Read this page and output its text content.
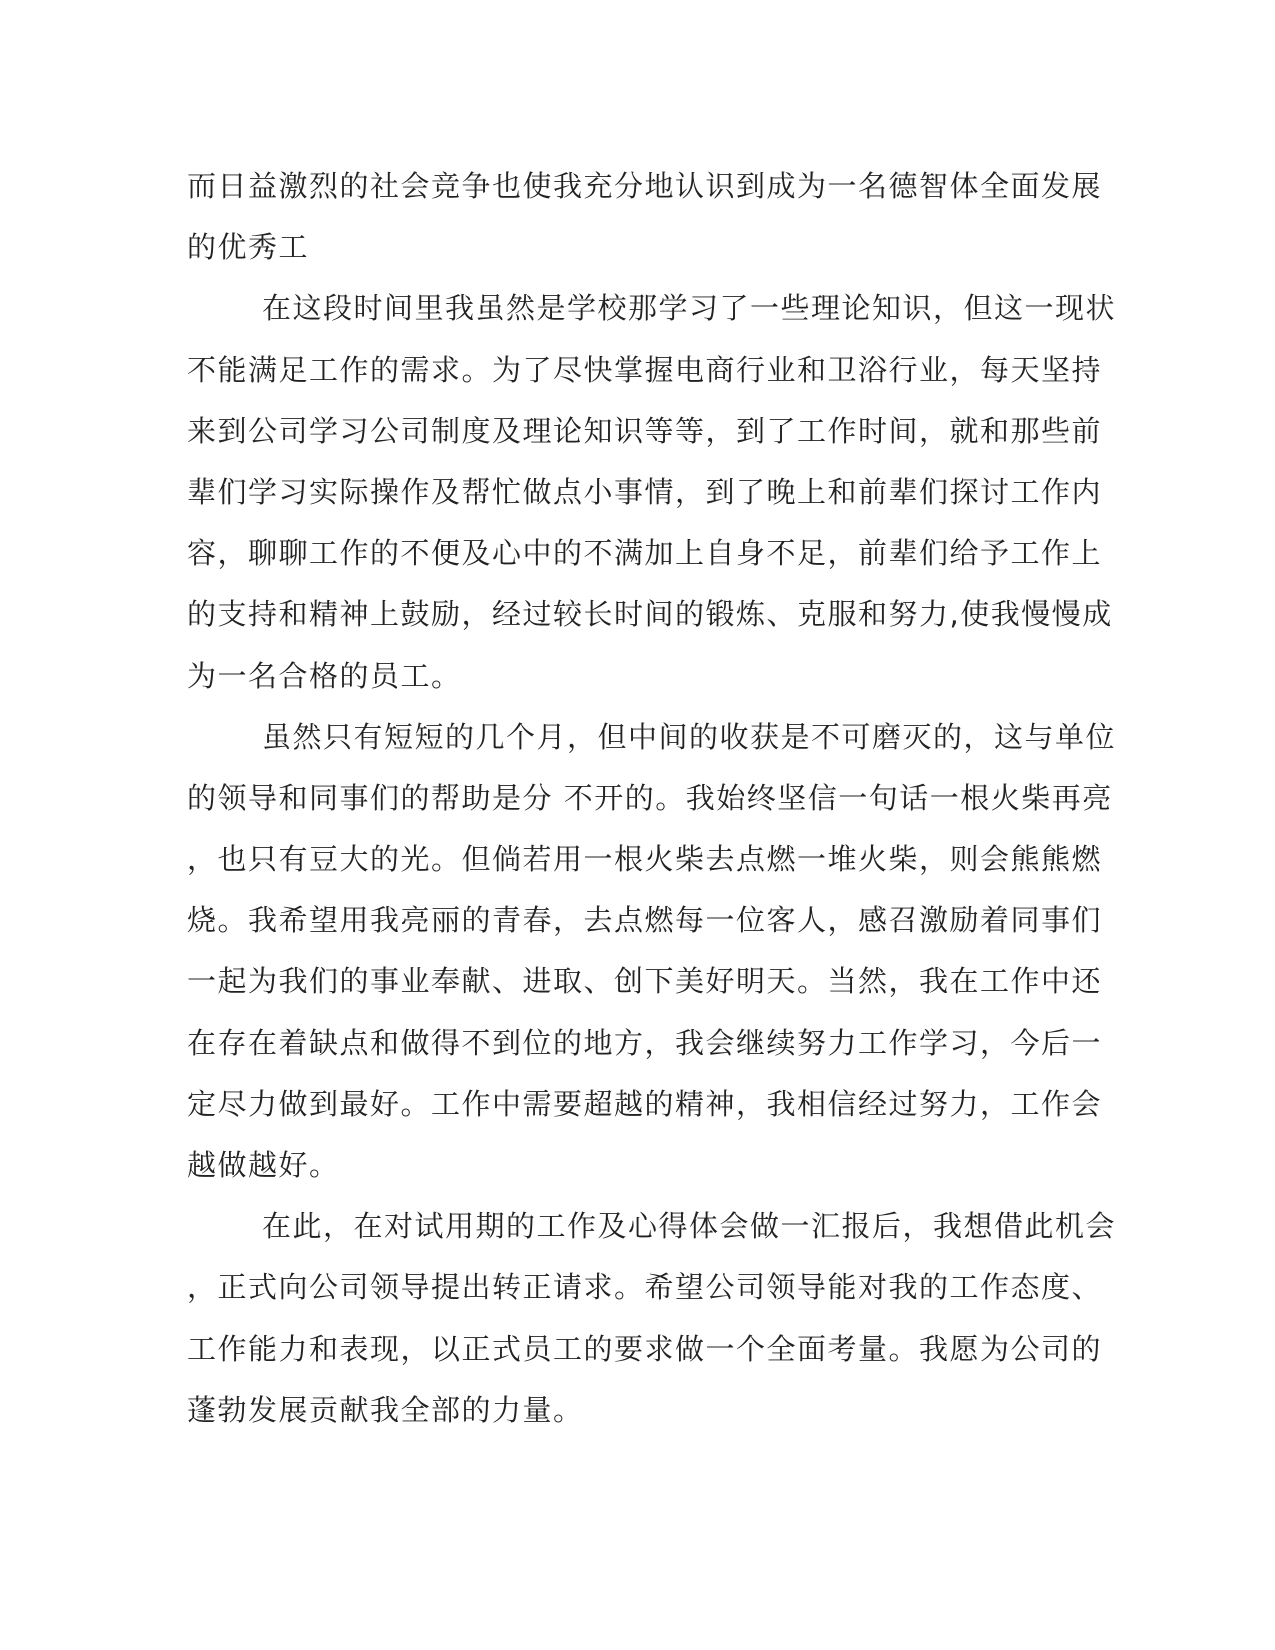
而日益激烈的社会竞争也使我充分地认识到成为一名德智体全面发展
的优秀工
在这段时间里我虽然是学校那学习了一些理论知识，但这一现状
不能满足工作的需求。为了尽快掌握电商行业和卫浴行业，每天坚持
来到公司学习公司制度及理论知识等等，到了工作时间，就和那些前
辈们学习实际操作及帮忙做点小事情，到了晚上和前辈们探讨工作内
容，聊聊工作的不便及心中的不满加上自身不足，前辈们给予工作上
的支持和精神上鼓励，经过较长时间的锻炼、克服和努力,使我慢慢成
为一名合格的员工。
虽然只有短短的几个月，但中间的收获是不可磨灭的，这与单位
的领导和同事们的帮助是分 不开的。我始终坚信一句话一根火柴再亮
，也只有豆大的光。但倘若用一根火柴去点燃一堆火柴，则会熊熊燃
烧。我希望用我亮丽的青春，去点燃每一位客人，感召激励着同事们
一起为我们的事业奉献、进取、创下美好明天。当然，我在工作中还
在存在着缺点和做得不到位的地方，我会继续努力工作学习，今后一
定尽力做到最好。工作中需要超越的精神，我相信经过努力，工作会
越做越好。
在此，在对试用期的工作及心得体会做一汇报后，我想借此机会
，正式向公司领导提出转正请求。希望公司领导能对我的工作态度、
工作能力和表现，以正式员工的要求做一个全面考量。我愿为公司的
蓬勃发展贡献我全部的力量。
